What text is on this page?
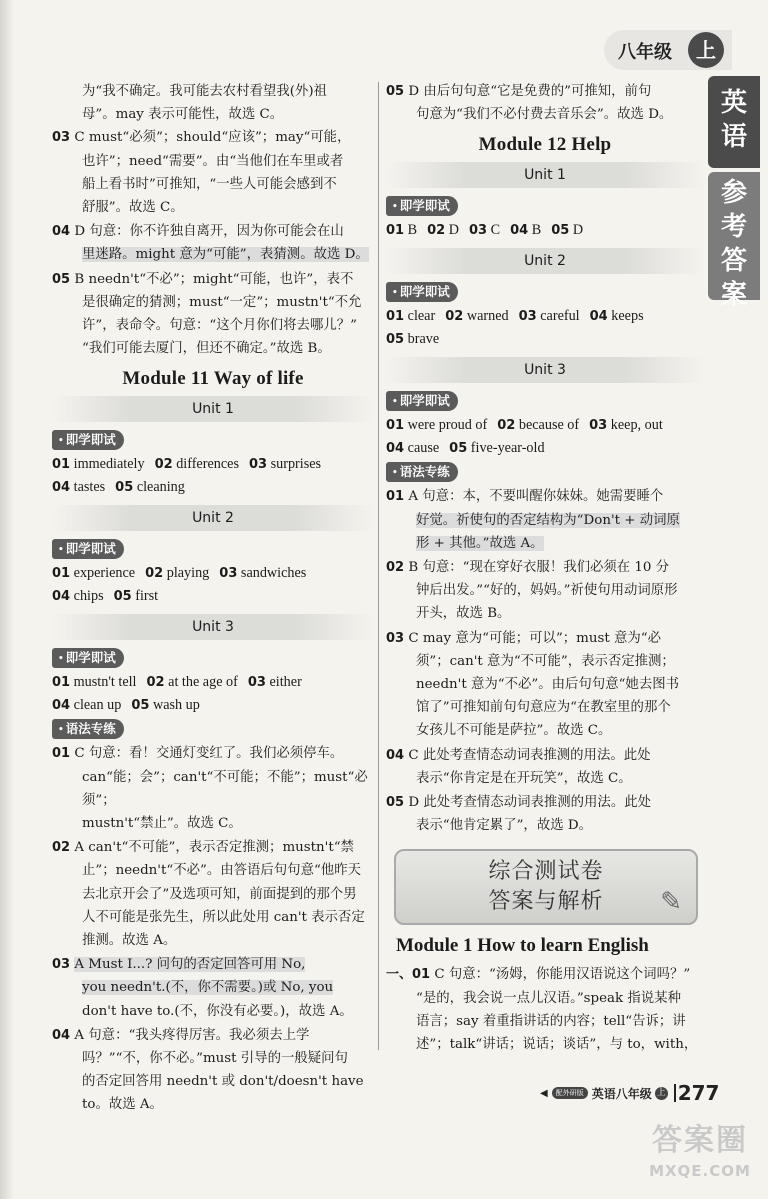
八年级	上
英
语
参
考
答
案
为“我不确定。我可能去农村看望我(外)祖
母”。may 表示可能性，故选 C。
03 C must“必须”；should“应该”；may“可能，
也许”；need“需要”。由“当他们在车里或者
船上看书时”可推知，“一些人可能会感到不
舒服”。故选 C。
04 D 句意：你不许独自离开，因为你可能会在山
里迷路。might 意为“可能”，表猜测。故选 D。
05 B needn't“不必”；might“可能，也许”，表不
是很确定的猜测；must“一定”；mustn't“不允
许”，表命令。句意：“这个月你们将去哪儿？”
“我们可能去厦门，但还不确定。”故选 B。
Module 11 Way of life
Unit 1
• 即学即试
01 immediately 02 differences 03 surprises
04 tastes 05 cleaning
Unit 2
• 即学即试
01 experience 02 playing 03 sandwiches
04 chips 05 first
Unit 3
• 即学即试
01 mustn't tell 02 at the age of 03 either
04 clean up 05 wash up
• 语法专练
01 C 句意：看！交通灯变红了。我们必须停车。
can“能；会”；can't“不可能；不能”；must“必须”；
mustn't“禁止”。故选 C。
02 A can't“不可能”，表示否定推测；mustn't“禁
止”；needn't“不必”。由答语后句句意“他昨天
去北京开会了”及选项可知，前面提到的那个男
人不可能是张先生，所以此处用 can't 表示否定
推测。故选 A。
03 A Must I...? 问句的否定回答可用 No,
you needn't.(不，你不需要。)或 No, you
don't have to.(不，你没有必要。)，故选 A。
04 A 句意：“我头疼得厉害。我必须去上学
吗？”“不，你不必。”must 引导的一般疑问句
的否定回答用 needn't 或 don't/doesn't have
to。故选 A。
05 D 由后句句意“它是免费的”可推知，前句
句意为“我们不必付费去音乐会”。故选 D。
Module 12 Help
Unit 1
• 即学即试
01 B 02 D 03 C 04 B 05 D
Unit 2
• 即学即试
01 clear 02 warned 03 careful 04 keeps
05 brave
Unit 3
• 即学即试
01 were proud of 02 because of 03 keep, out
04 cause 05 five-year-old
• 语法专练
01 A 句意：本，不要叫醒你妹妹。她需要睡个
好觉。祈使句的否定结构为“Don't + 动词原
形 + 其他。”故选 A。
02 B 句意：“现在穿好衣服！我们必须在 10 分
钟后出发。”“好的，妈妈。”祈使句用动词原形
开头，故选 B。
03 C may 意为“可能；可以”；must 意为“必
须”；can't 意为“不可能”，表示否定推测；
needn't 意为“不必”。由后句句意“她去图书
馆了”可推知前句句意应为“在教室里的那个
女孩儿不可能是萨拉”。故选 C。
04 C 此处考查情态动词表推测的用法。此处
表示“你肯定是在开玩笑”，故选 C。
05 D 此处考查情态动词表推测的用法。此处
表示“他肯定累了”，故选 D。
综合测试卷
答案与解析	✎
Module 1 How to learn English
一、01 C 句意：“汤姆，你能用汉语说这个词吗？”
“是的，我会说一点儿汉语。”speak 指说某种
语言；say 着重指讲话的内容；tell“告诉；讲
述”；talk“讲话；说话；谈话”，与 to，with，
◀	配外研版 英语八年级 上 277
答案圈
MXQE.COM
